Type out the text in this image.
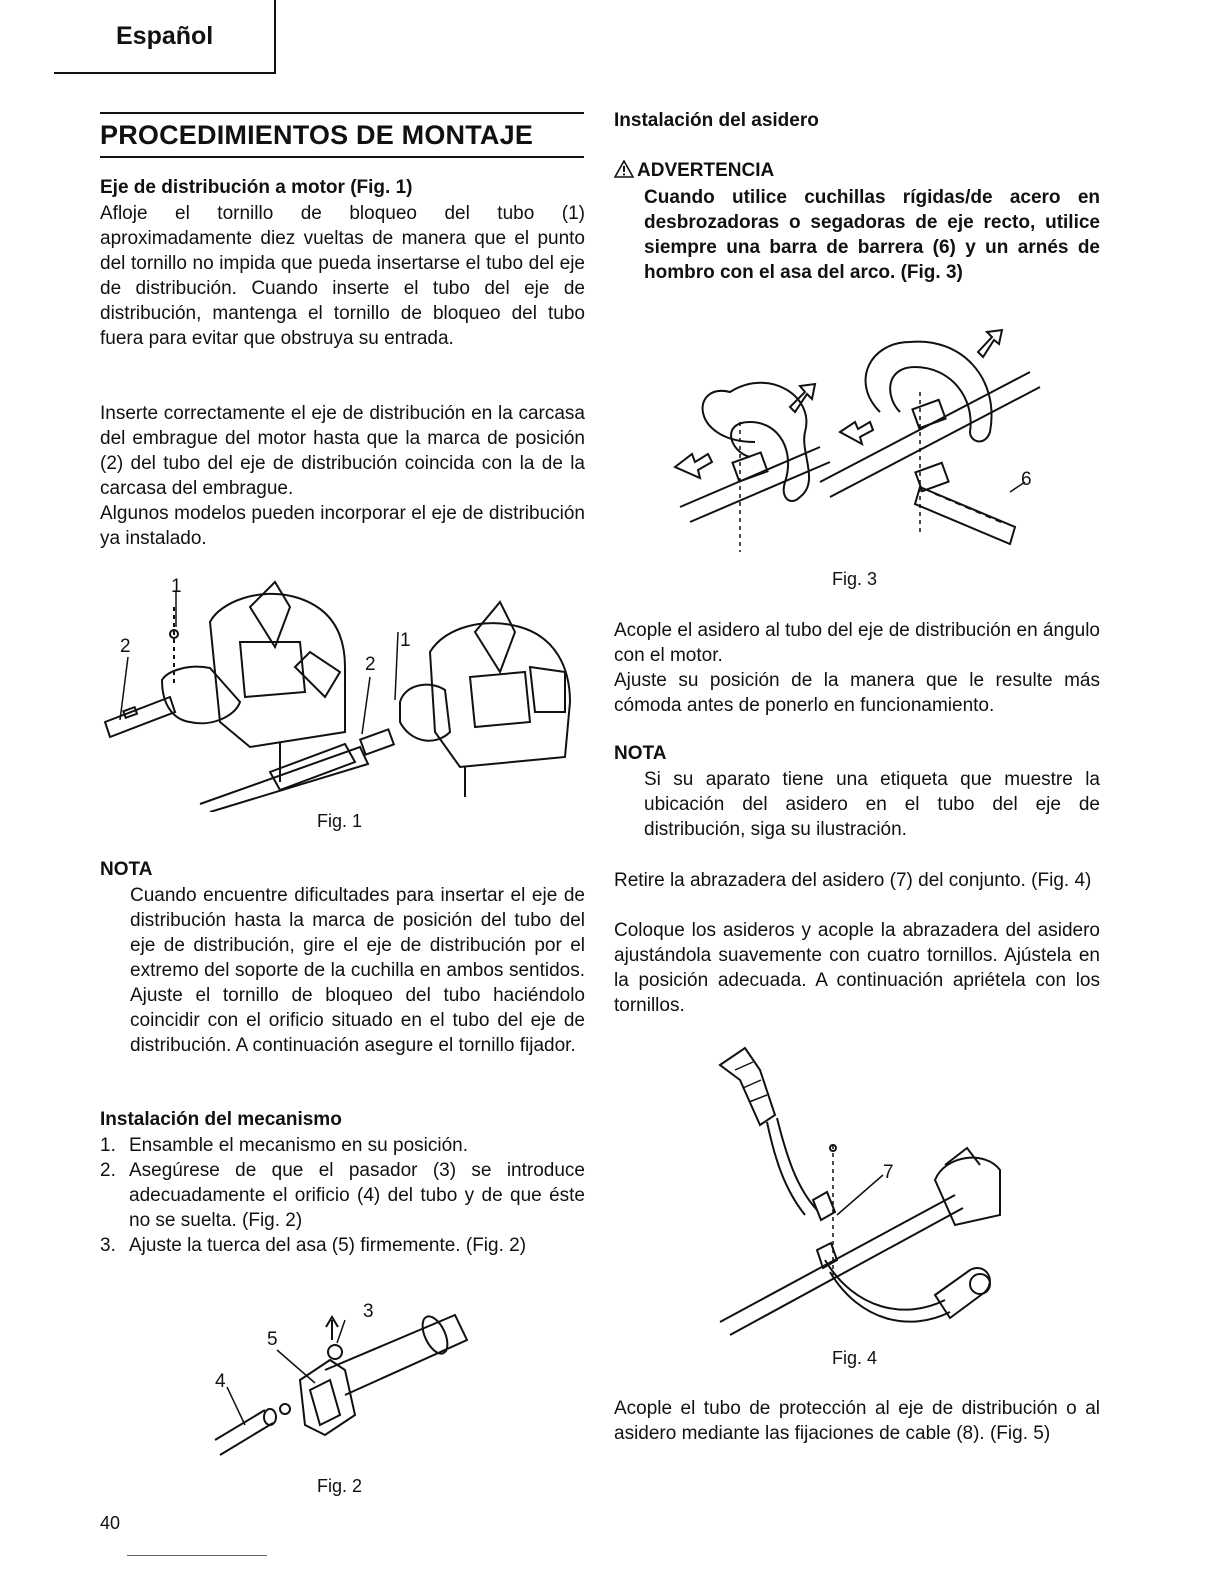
Español
PROCEDIMIENTOS DE MONTAJE
Eje de distribución a motor (Fig. 1)

Afloje el tornillo de bloqueo del tubo (1) aproximadamente diez vueltas de manera que el punto del tornillo no impida que pueda insertarse el tubo del eje de distribución. Cuando inserte el tubo del eje de distribución, mantenga el tornillo de bloqueo del tubo fuera para evitar que obstruya su entrada.

Inserte correctamente el eje de distribución en la carcasa del embrague del motor hasta que la marca de posición (2) del tubo del eje de distribución coincida con la de la carcasa del embrague.

Algunos modelos pueden incorporar el eje de distribución ya instalado.

1
2	1
2
Fig. 1
NOTA

Cuando encuentre dificultades para insertar el eje de distribución hasta la marca de posición del tubo del eje de distribución, gire el eje de distribución por el extremo del soporte de la cuchilla en ambos sentidos. Ajuste el tornillo de bloqueo del tubo haciéndolo coincidir con el orificio situado en el tubo del eje de distribución. A continuación asegure el tornillo fijador.

Instalación del mecanismo
1. Ensamble el mecanismo en su posición.
2. Asegúrese de que el pasador (3) se introduce adecuadamente el orificio (4) del tubo y de que éste no se suelta. (Fig. 2)
3. Ajuste la tuerca del asa (5) firmemente. (Fig. 2)
3
5
4
Fig. 2
Instalación del asidero
ADVERTENCIA

Cuando utilice cuchillas rígidas/de acero en desbrozadoras o segadoras de eje recto, utilice siempre una barra de barrera (6) y un arnés de hombro con el asa del arco. (Fig. 3)

6
Fig. 3

Acople el asidero al tubo del eje de distribución en ángulo con el motor.

Ajuste su posición de la manera que le resulte más cómoda antes de ponerlo en funcionamiento.

NOTA

Si su aparato tiene una etiqueta que muestre la ubicación del asidero en el tubo del eje de distribución, siga su ilustración.

Retire la abrazadera del asidero (7) del conjunto. (Fig. 4)

Coloque los asideros y acople la abrazadera del asidero ajustándola suavemente con cuatro tornillos. Ajústela en la posición adecuada. A continuación apriétela con los tornillos.

7
Fig. 4

Acople el tubo de protección al eje de distribución o al asidero mediante las fijaciones de cable (8). (Fig. 5)

40
